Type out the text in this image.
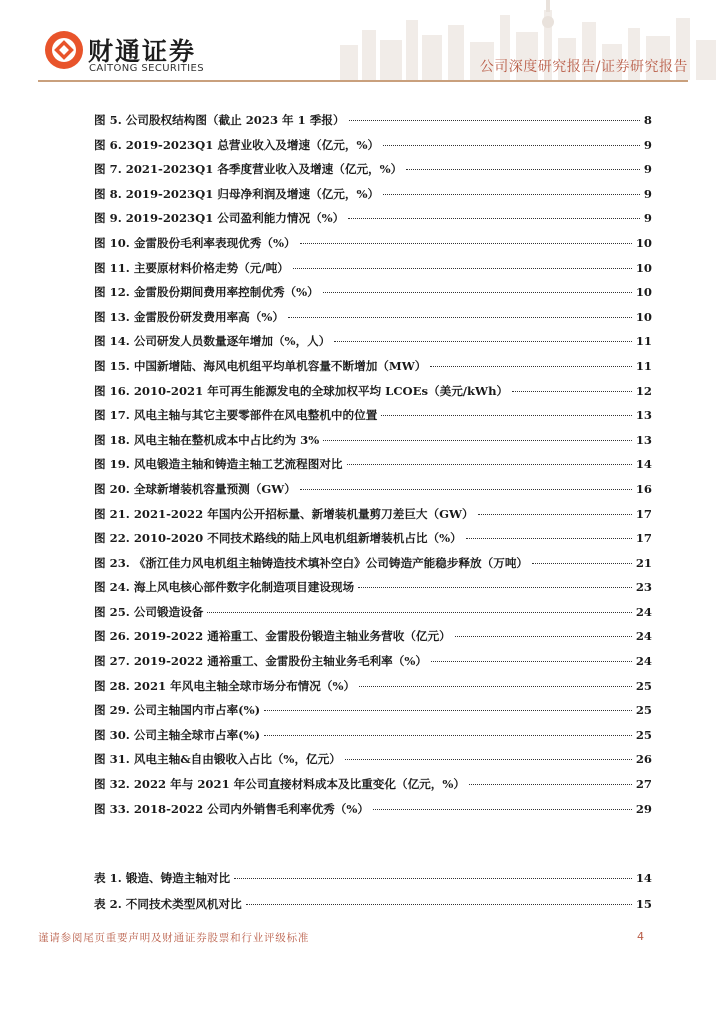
财通证券
CAITONG SECURITIES	公司深度研究报告/证券研究报告
图 5. 公司股权结构图（截止 2023 年 1 季报）	8
图 6. 2019-2023Q1 总营业收入及增速（亿元，%）	9
图 7. 2021-2023Q1 各季度营业收入及增速（亿元，%）	9
图 8. 2019-2023Q1 归母净利润及增速（亿元，%）	9
图 9. 2019-2023Q1 公司盈利能力情况（%）	9
图 10. 金雷股份毛利率表现优秀（%）	10
图 11. 主要原材料价格走势（元/吨）	10
图 12. 金雷股份期间费用率控制优秀（%）	10
图 13. 金雷股份研发费用率高（%）	10
图 14. 公司研发人员数量逐年增加（%，人）	11
图 15. 中国新增陆、海风电机组平均单机容量不断增加（MW）	11
图 16. 2010-2021 年可再生能源发电的全球加权平均 LCOEs（美元/kWh）	12
图 17. 风电主轴与其它主要零部件在风电整机中的位置	13
图 18. 风电主轴在整机成本中占比约为 3%	13
图 19. 风电锻造主轴和铸造主轴工艺流程图对比	14
图 20. 全球新增装机容量预测（GW）	16
图 21. 2021-2022 年国内公开招标量、新增装机量剪刀差巨大（GW）	17
图 22. 2010-2020 不同技术路线的陆上风电机组新增装机占比（%）	17
图 23. 《浙江佳力风电机组主轴铸造技术填补空白》公司铸造产能稳步释放（万吨）	21
图 24. 海上风电核心部件数字化制造项目建设现场	23
图 25. 公司锻造设备	24
图 26. 2019-2022 通裕重工、金雷股份锻造主轴业务营收（亿元）	24
图 27. 2019-2022 通裕重工、金雷股份主轴业务毛利率（%）	24
图 28. 2021 年风电主轴全球市场分布情况（%）	25
图 29. 公司主轴国内市占率(%)	25
图 30. 公司主轴全球市占率(%)	25
图 31. 风电主轴&自由锻收入占比（%，亿元）	26
图 32. 2022 年与 2021 年公司直接材料成本及比重变化（亿元，%）	27
图 33. 2018-2022 公司内外销售毛利率优秀（%）	29
表 1. 锻造、铸造主轴对比	14
表 2. 不同技术类型风机对比	15
谨请参阅尾页重要声明及财通证券股票和行业评级标准	4
